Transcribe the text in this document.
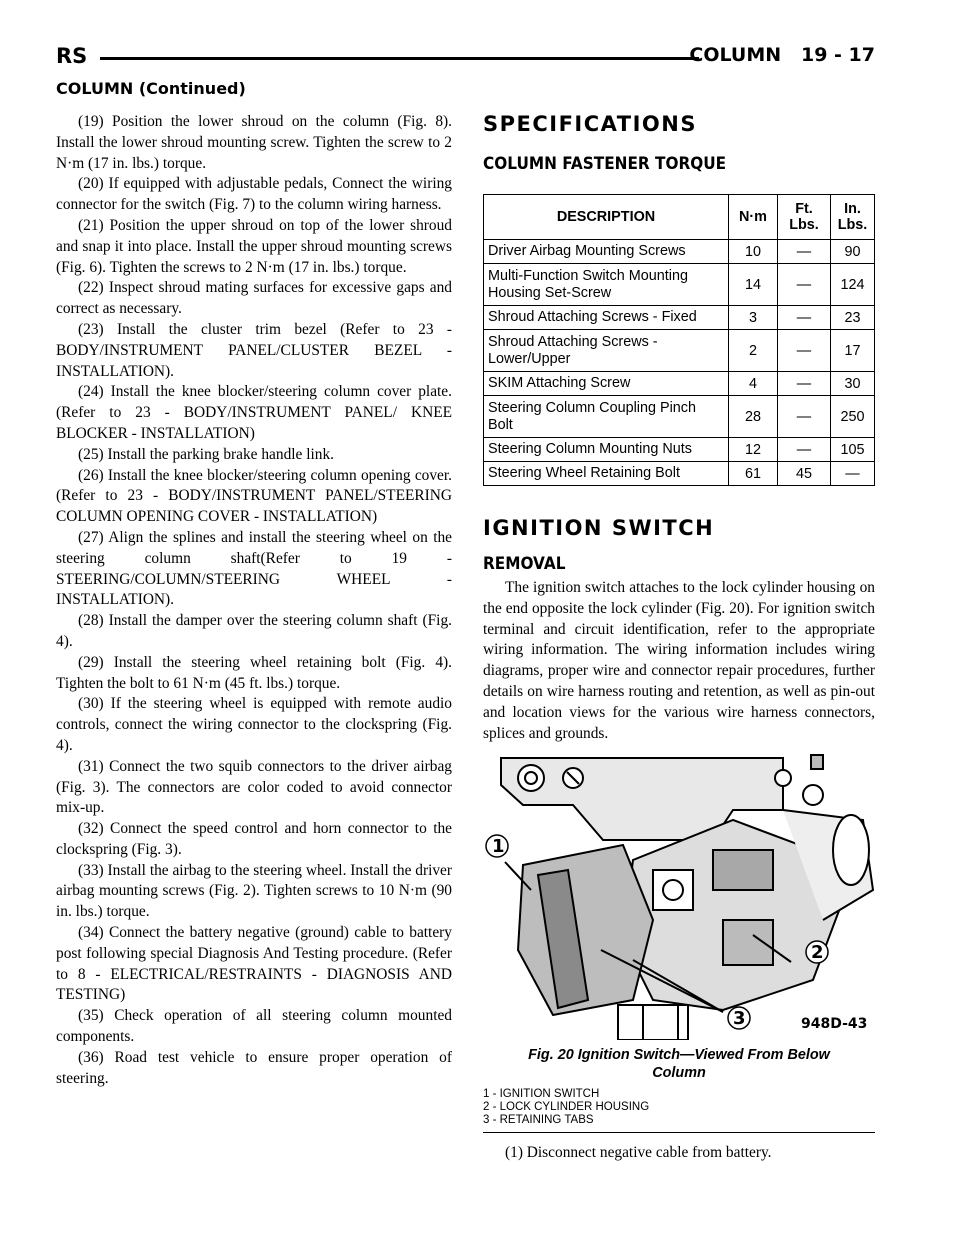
RS	COLUMN 19 - 17
COLUMN (Continued)

(19) Position the lower shroud on the column (Fig. 8). Install the lower shroud mounting screw. Tighten the screw to 2 N·m (17 in. lbs.) torque.

(20) If equipped with adjustable pedals, Connect the wiring connector for the switch (Fig. 7) to the column wiring harness.

(21) Position the upper shroud on top of the lower shroud and snap it into place. Install the upper shroud mounting screws (Fig. 6). Tighten the screws to 2 N·m (17 in. lbs.) torque.

(22) Inspect shroud mating surfaces for excessive gaps and correct as necessary.

(23) Install the cluster trim bezel (Refer to 23 - BODY/INSTRUMENT PANEL/CLUSTER BEZEL - INSTALLATION).

(24) Install the knee blocker/steering column cover plate. (Refer to 23 - BODY/INSTRUMENT PANEL/ KNEE BLOCKER - INSTALLATION)

(25) Install the parking brake handle link.

(26) Install the knee blocker/steering column opening cover. (Refer to 23 - BODY/INSTRUMENT PANEL/STEERING COLUMN OPENING COVER - INSTALLATION)

(27) Align the splines and install the steering wheel on the steering column shaft(Refer to 19 - STEERING/COLUMN/STEERING WHEEL - INSTALLATION).

(28) Install the damper over the steering column shaft (Fig. 4).

(29) Install the steering wheel retaining bolt (Fig. 4). Tighten the bolt to 61 N·m (45 ft. lbs.) torque.

(30) If the steering wheel is equipped with remote audio controls, connect the wiring connector to the clockspring (Fig. 4).

(31) Connect the two squib connectors to the driver airbag (Fig. 3). The connectors are color coded to avoid connector mix-up.

(32) Connect the speed control and horn connector to the clockspring (Fig. 3).

(33) Install the airbag to the steering wheel. Install the driver airbag mounting screws (Fig. 2). Tighten screws to 10 N·m (90 in. lbs.) torque.

(34) Connect the battery negative (ground) cable to battery post following special Diagnosis And Testing procedure. (Refer to 8 - ELECTRICAL/RESTRAINTS - DIAGNOSIS AND TESTING)

(35) Check operation of all steering column mounted components.

(36) Road test vehicle to ensure proper operation of steering.

SPECIFICATIONS
COLUMN FASTENER TORQUE
DESCRIPTION	N·m	Ft. Lbs.	In. Lbs.
Driver Airbag Mounting Screws	10	—	90
Multi-Function Switch Mounting Housing Set-Screw	14	—	124
Shroud Attaching Screws - Fixed	3	—	23
Shroud Attaching Screws - Lower/Upper	2	—	17
SKIM Attaching Screw	4	—	30
Steering Column Coupling Pinch Bolt	28	—	250
Steering Column Mounting Nuts	12	—	105
Steering Wheel Retaining Bolt	61	45	—
IGNITION SWITCH
REMOVAL

The ignition switch attaches to the lock cylinder housing on the end opposite the lock cylinder (Fig. 20). For ignition switch terminal and circuit identification, refer to the appropriate wiring information. The wiring information includes wiring diagrams, proper wire and connector repair procedures, further details on wire harness routing and retention, as well as pin-out and location views for the various wire harness connectors, splices and grounds.

1
2
3	948D-43
Fig. 20 Ignition Switch—Viewed From Below
Column
1 - IGNITION SWITCH
2 - LOCK CYLINDER HOUSING
3 - RETAINING TABS

(1) Disconnect negative cable from battery.
